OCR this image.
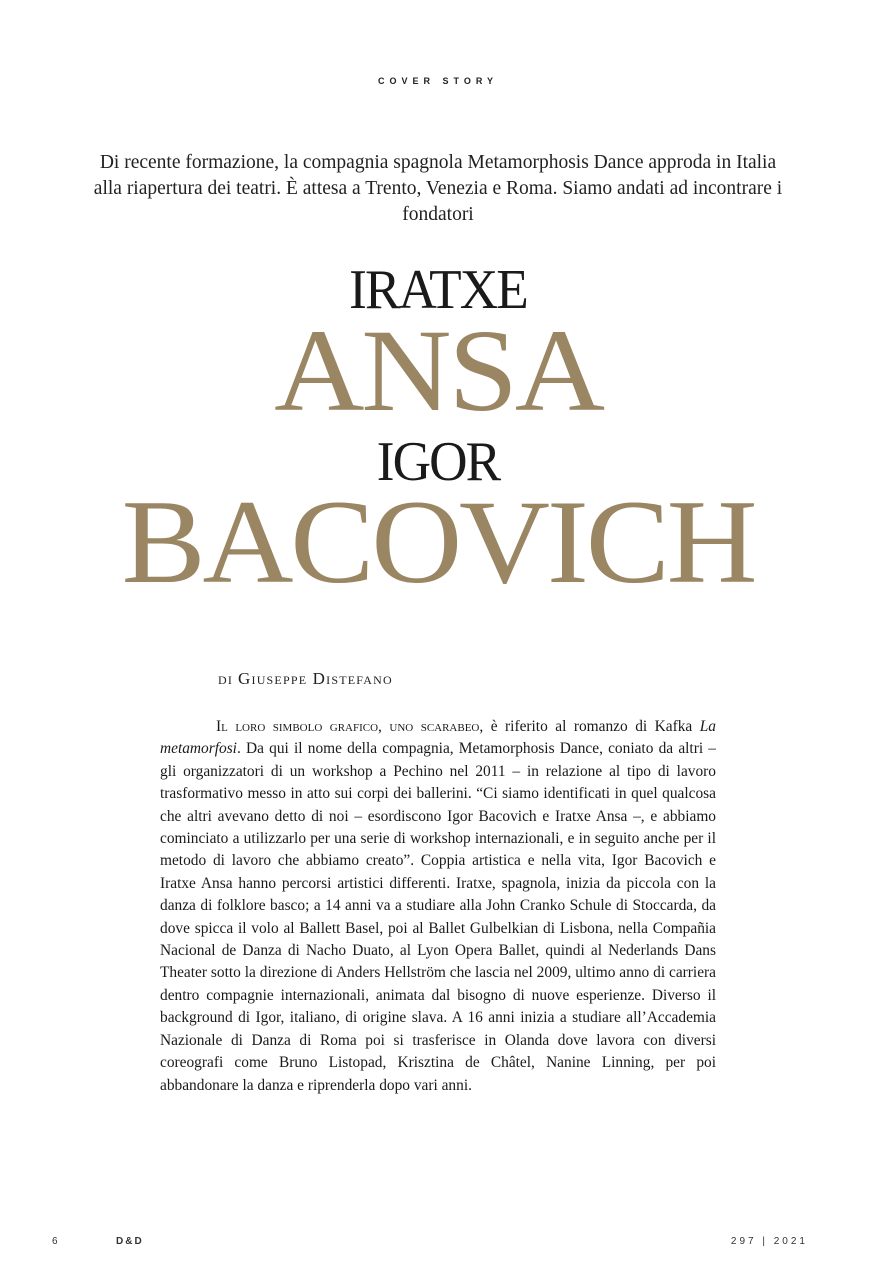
COVER STORY
Di recente formazione, la compagnia spagnola Metamorphosis Dance approda in Italia alla riapertura dei teatri. È attesa a Trento, Venezia e Roma. Siamo andati ad incontrare i fondatori
IRATXE
ANSA
IGOR
BACOVICH
di Giuseppe Distefano

Il loro simbolo grafico, uno scarabeo, è riferito al romanzo di Kafka La metamorfosi. Da qui il nome della compagnia, Metamorphosis Dance, coniato da altri – gli organizzatori di un workshop a Pechino nel 2011 – in relazione al tipo di lavoro trasformativo messo in atto sui corpi dei ballerini. “Ci siamo identificati in quel qualcosa che altri avevano detto di noi – esordiscono Igor Bacovich e Iratxe Ansa –, e abbiamo cominciato a utilizzarlo per una serie di workshop internazionali, e in seguito anche per il metodo di lavoro che abbiamo creato”. Coppia artistica e nella vita, Igor Bacovich e Iratxe Ansa hanno percorsi artistici differenti. Iratxe, spagnola, inizia da piccola con la danza di folklore basco; a 14 anni va a studiare alla John Cranko Schule di Stoccarda, da dove spicca il volo al Ballett Basel, poi al Ballet Gulbelkian di Lisbona, nella Compañia Nacional de Danza di Nacho Duato, al Lyon Opera Ballet, quindi al Nederlands Dans Theater sotto la direzione di Anders Hellström che lascia nel 2009, ultimo anno di carriera dentro compagnie internazionali, animata dal bisogno di nuove esperienze. Diverso il background di Igor, italiano, di origine slava. A 16 anni inizia a studiare all’Accademia Nazionale di Danza di Roma poi si trasferisce in Olanda dove lavora con diversi coreografi come Bruno Listopad, Krisztina de Châtel, Nanine Linning, per poi abbandonare la danza e riprenderla dopo vari anni.

6	D&D	297 | 2021
